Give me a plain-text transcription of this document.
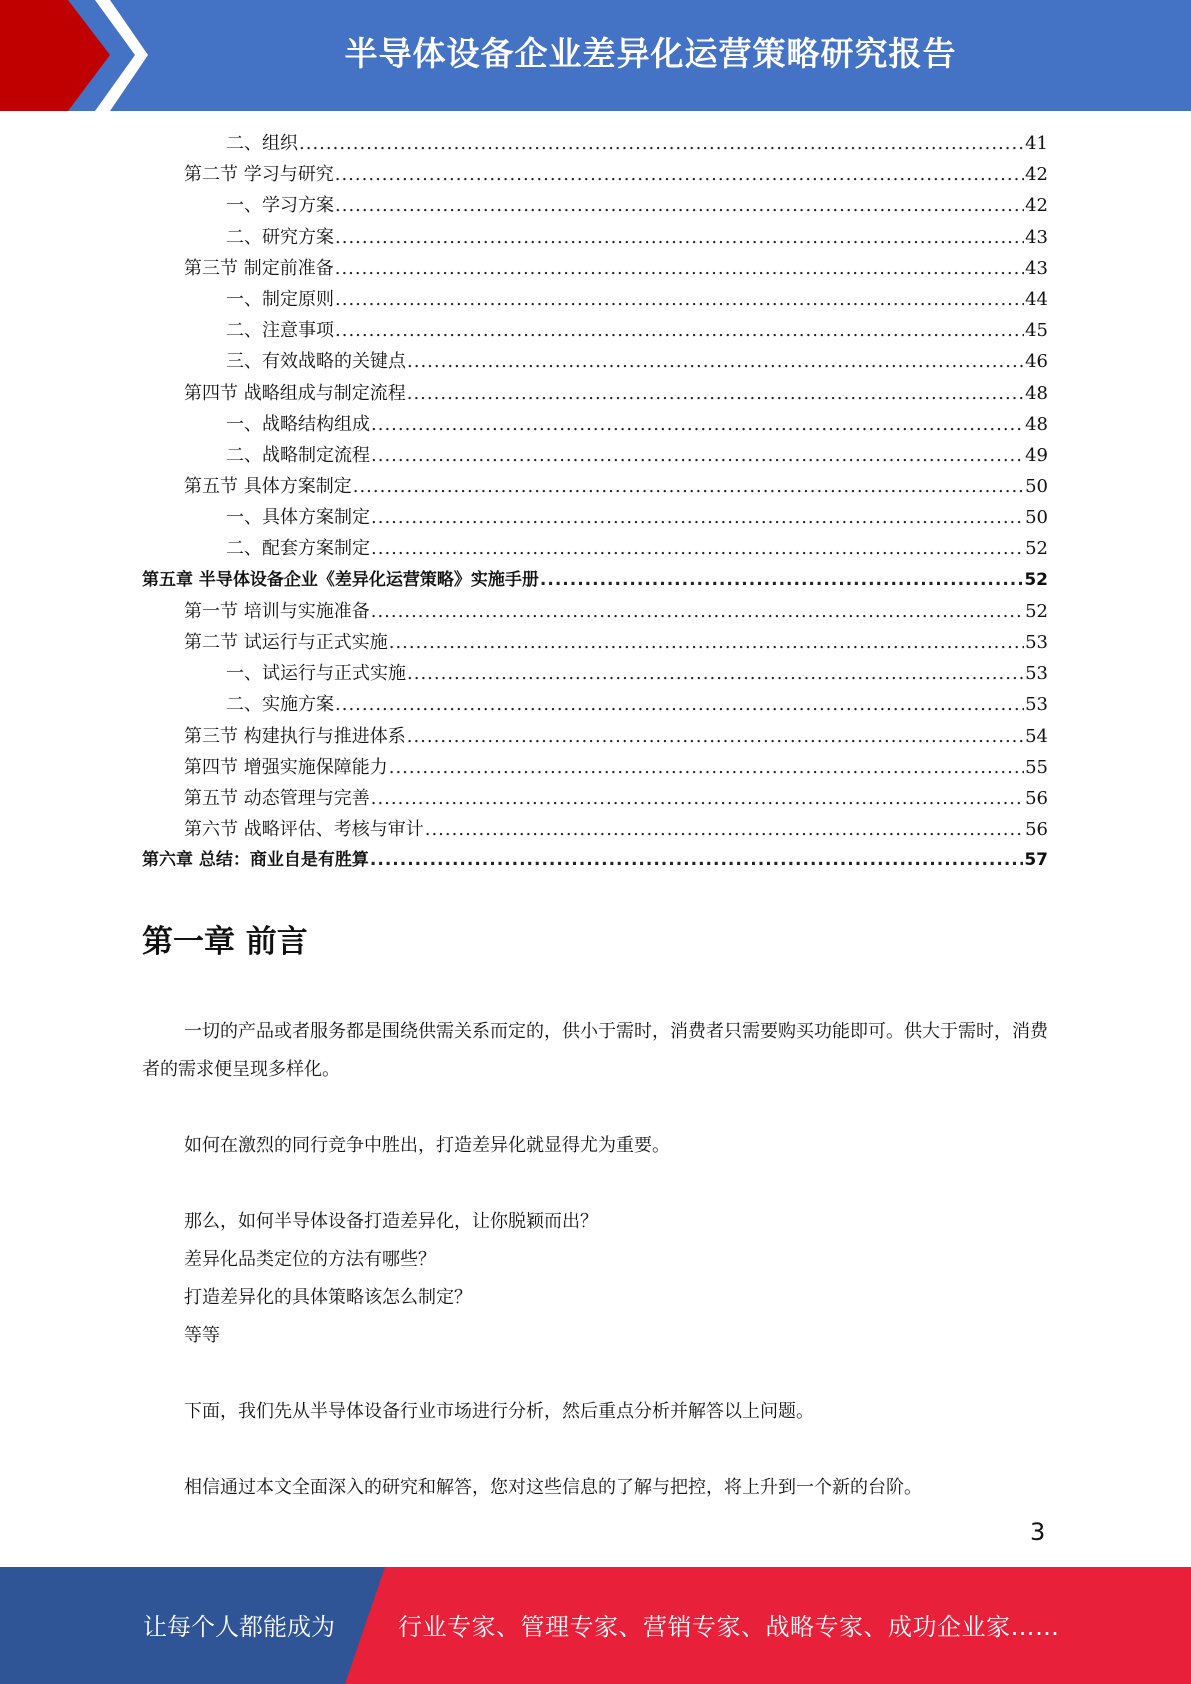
半导体设备企业差异化运营策略研究报告
二、组织 .....	41
第二节 学习与研究 .....	42
一、学习方案 .....	42
二、研究方案 .....	43
第三节 制定前准备 .....	43
一、制定原则 .....	44
二、注意事项 .....	45
三、有效战略的关键点 .....	46
第四节 战略组成与制定流程 .....	48
一、战略结构组成 .....	48
二、战略制定流程 .....	49
第五节 具体方案制定 .....	50
一、具体方案制定 .....	50
二、配套方案制定 .....	52
第五章 半导体设备企业《差异化运营策略》实施手册 .....	52
第一节 培训与实施准备 .....	52
第二节 试运行与正式实施 .....	53
一、试运行与正式实施 .....	53
二、实施方案 .....	53
第三节 构建执行与推进体系 .....	54
第四节 增强实施保障能力 .....	55
第五节 动态管理与完善 .....	56
第六节 战略评估、考核与审计 .....	56
第六章 总结：商业自是有胜算 .....	57
第一章 前言

一切的产品或者服务都是围绕供需关系而定的，供小于需时，消费者只需要购买功能即可。供大于需时，消费者的需求便呈现多样化。

如何在激烈的同行竞争中胜出，打造差异化就显得尤为重要。

那么，如何半导体设备打造差异化，让你脱颖而出？

差异化品类定位的方法有哪些？

打造差异化的具体策略该怎么制定？

等等

下面，我们先从半导体设备行业市场进行分析，然后重点分析并解答以上问题。

相信通过本文全面深入的研究和解答，您对这些信息的了解与把控，将上升到一个新的台阶。

3
让每个人都能成为	行业专家、管理专家、营销专家、战略专家、成功企业家……
